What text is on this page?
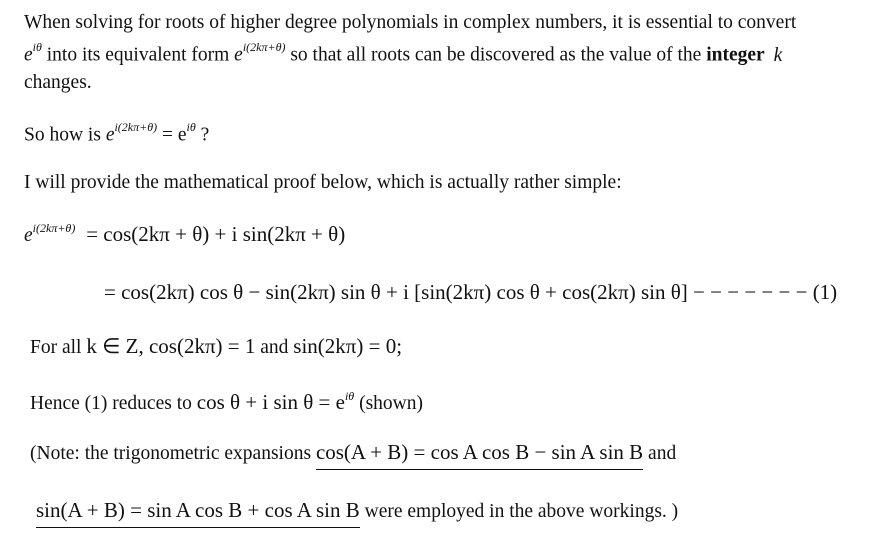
When solving for roots of higher degree polynomials in complex numbers, it is essential to convert
$e^{i\theta}$ into its equivalent form $e^{i(2k\pi+\theta)}$ so that all roots can be discovered as the value of the integer k
changes.
So how is $e^{i(2k\pi+\theta)} = e^{i\theta}$ ?
I will provide the mathematical proof below, which is actually rather simple:
$e^{i(2k\pi+\theta)} = \cos(2k\pi + \theta) + i$ sin(2kπ + θ)
= cos(2kπ) cos θ − sin(2kπ) sin θ + i [sin(2kπ) cos θ + cos(2kπ) sin θ] − − − − − − − (1)
For all k ∈ Z, cos(2kπ) = 1 and sin(2kπ) = 0;
Hence (1) reduces to cos θ + i $\sin \theta = e^{i\theta}$ (shown)
(Note: the trigonometric expansions cos(A + B) = cos A cos B − sin A sin B and
sin(A + B) = sin A cos B + cos A sin B were employed in the above workings. )
